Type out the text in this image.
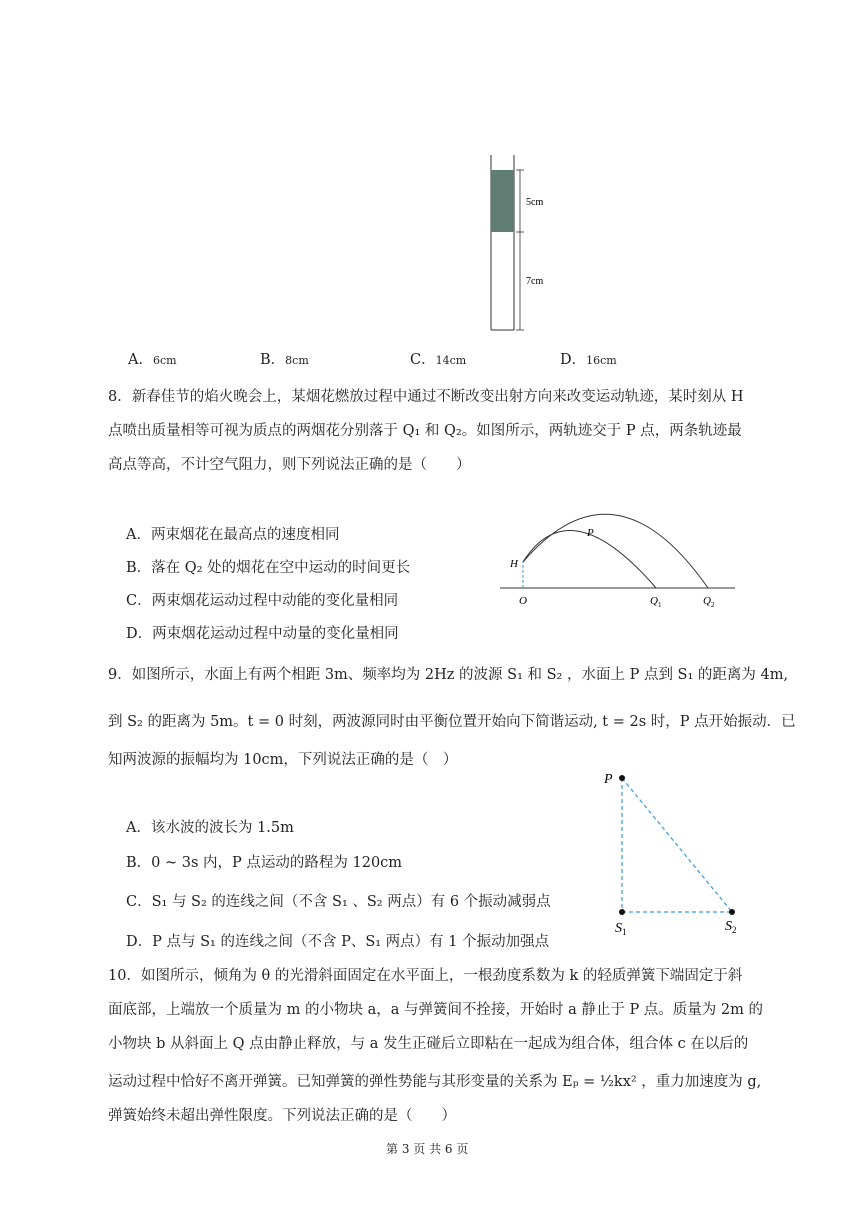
5cm
7cm
A．6cm	B．8cm	C．14cm	D．16cm
8．新春佳节的焰火晚会上，某烟花燃放过程中通过不断改变出射方向来改变运动轨迹，某时刻从 H
点喷出质量相等可视为质点的两烟花分别落于 Q₁ 和 Q₂。如图所示，两轨迹交于 P 点，两条轨迹最
高点等高，不计空气阻力，则下列说法正确的是（　　）
A．两束烟花在最高点的速度相同
B．落在 Q₂ 处的烟花在空中运动的时间更长
C．两束烟花运动过程中动能的变化量相同
D．两束烟花运动过程中动量的变化量相同
H
P
O	$Q_1$	$Q_2$
9．如图所示，水面上有两个相距 3m、频率均为 2Hz 的波源 S₁ 和 S₂ ，水面上 P 点到 S₁ 的距离为 4m,
到 S₂ 的距离为 5m。t = 0 时刻，两波源同时由平衡位置开始向下简谐运动, t = 2s 时，P 点开始振动．已
知两波源的振幅均为 10cm，下列说法正确的是（　）
A．该水波的波长为 1.5m
B．0 ~ 3s 内，P 点运动的路程为 120cm
C．S₁ 与 S₂ 的连线之间（不含 S₁ 、S₂ 两点）有 6 个振动减弱点
D．P 点与 S₁ 的连线之间（不含 P、S₁ 两点）有 1 个振动加强点
P
$S_1$	$S_2$
10．如图所示，倾角为 θ 的光滑斜面固定在水平面上，一根劲度系数为 k 的轻质弹簧下端固定于斜
面底部，上端放一个质量为 m 的小物块 a，a 与弹簧间不拴接，开始时 a 静止于 P 点。质量为 2m 的
小物块 b 从斜面上 Q 点由静止释放，与 a 发生正碰后立即粘在一起成为组合体，组合体 c 在以后的
运动过程中恰好不离开弹簧。已知弹簧的弹性势能与其形变量的关系为 Eₚ = ½kx² ，重力加速度为 g,
弹簧始终未超出弹性限度。下列说法正确的是（　　）
第 3 页 共 6 页
